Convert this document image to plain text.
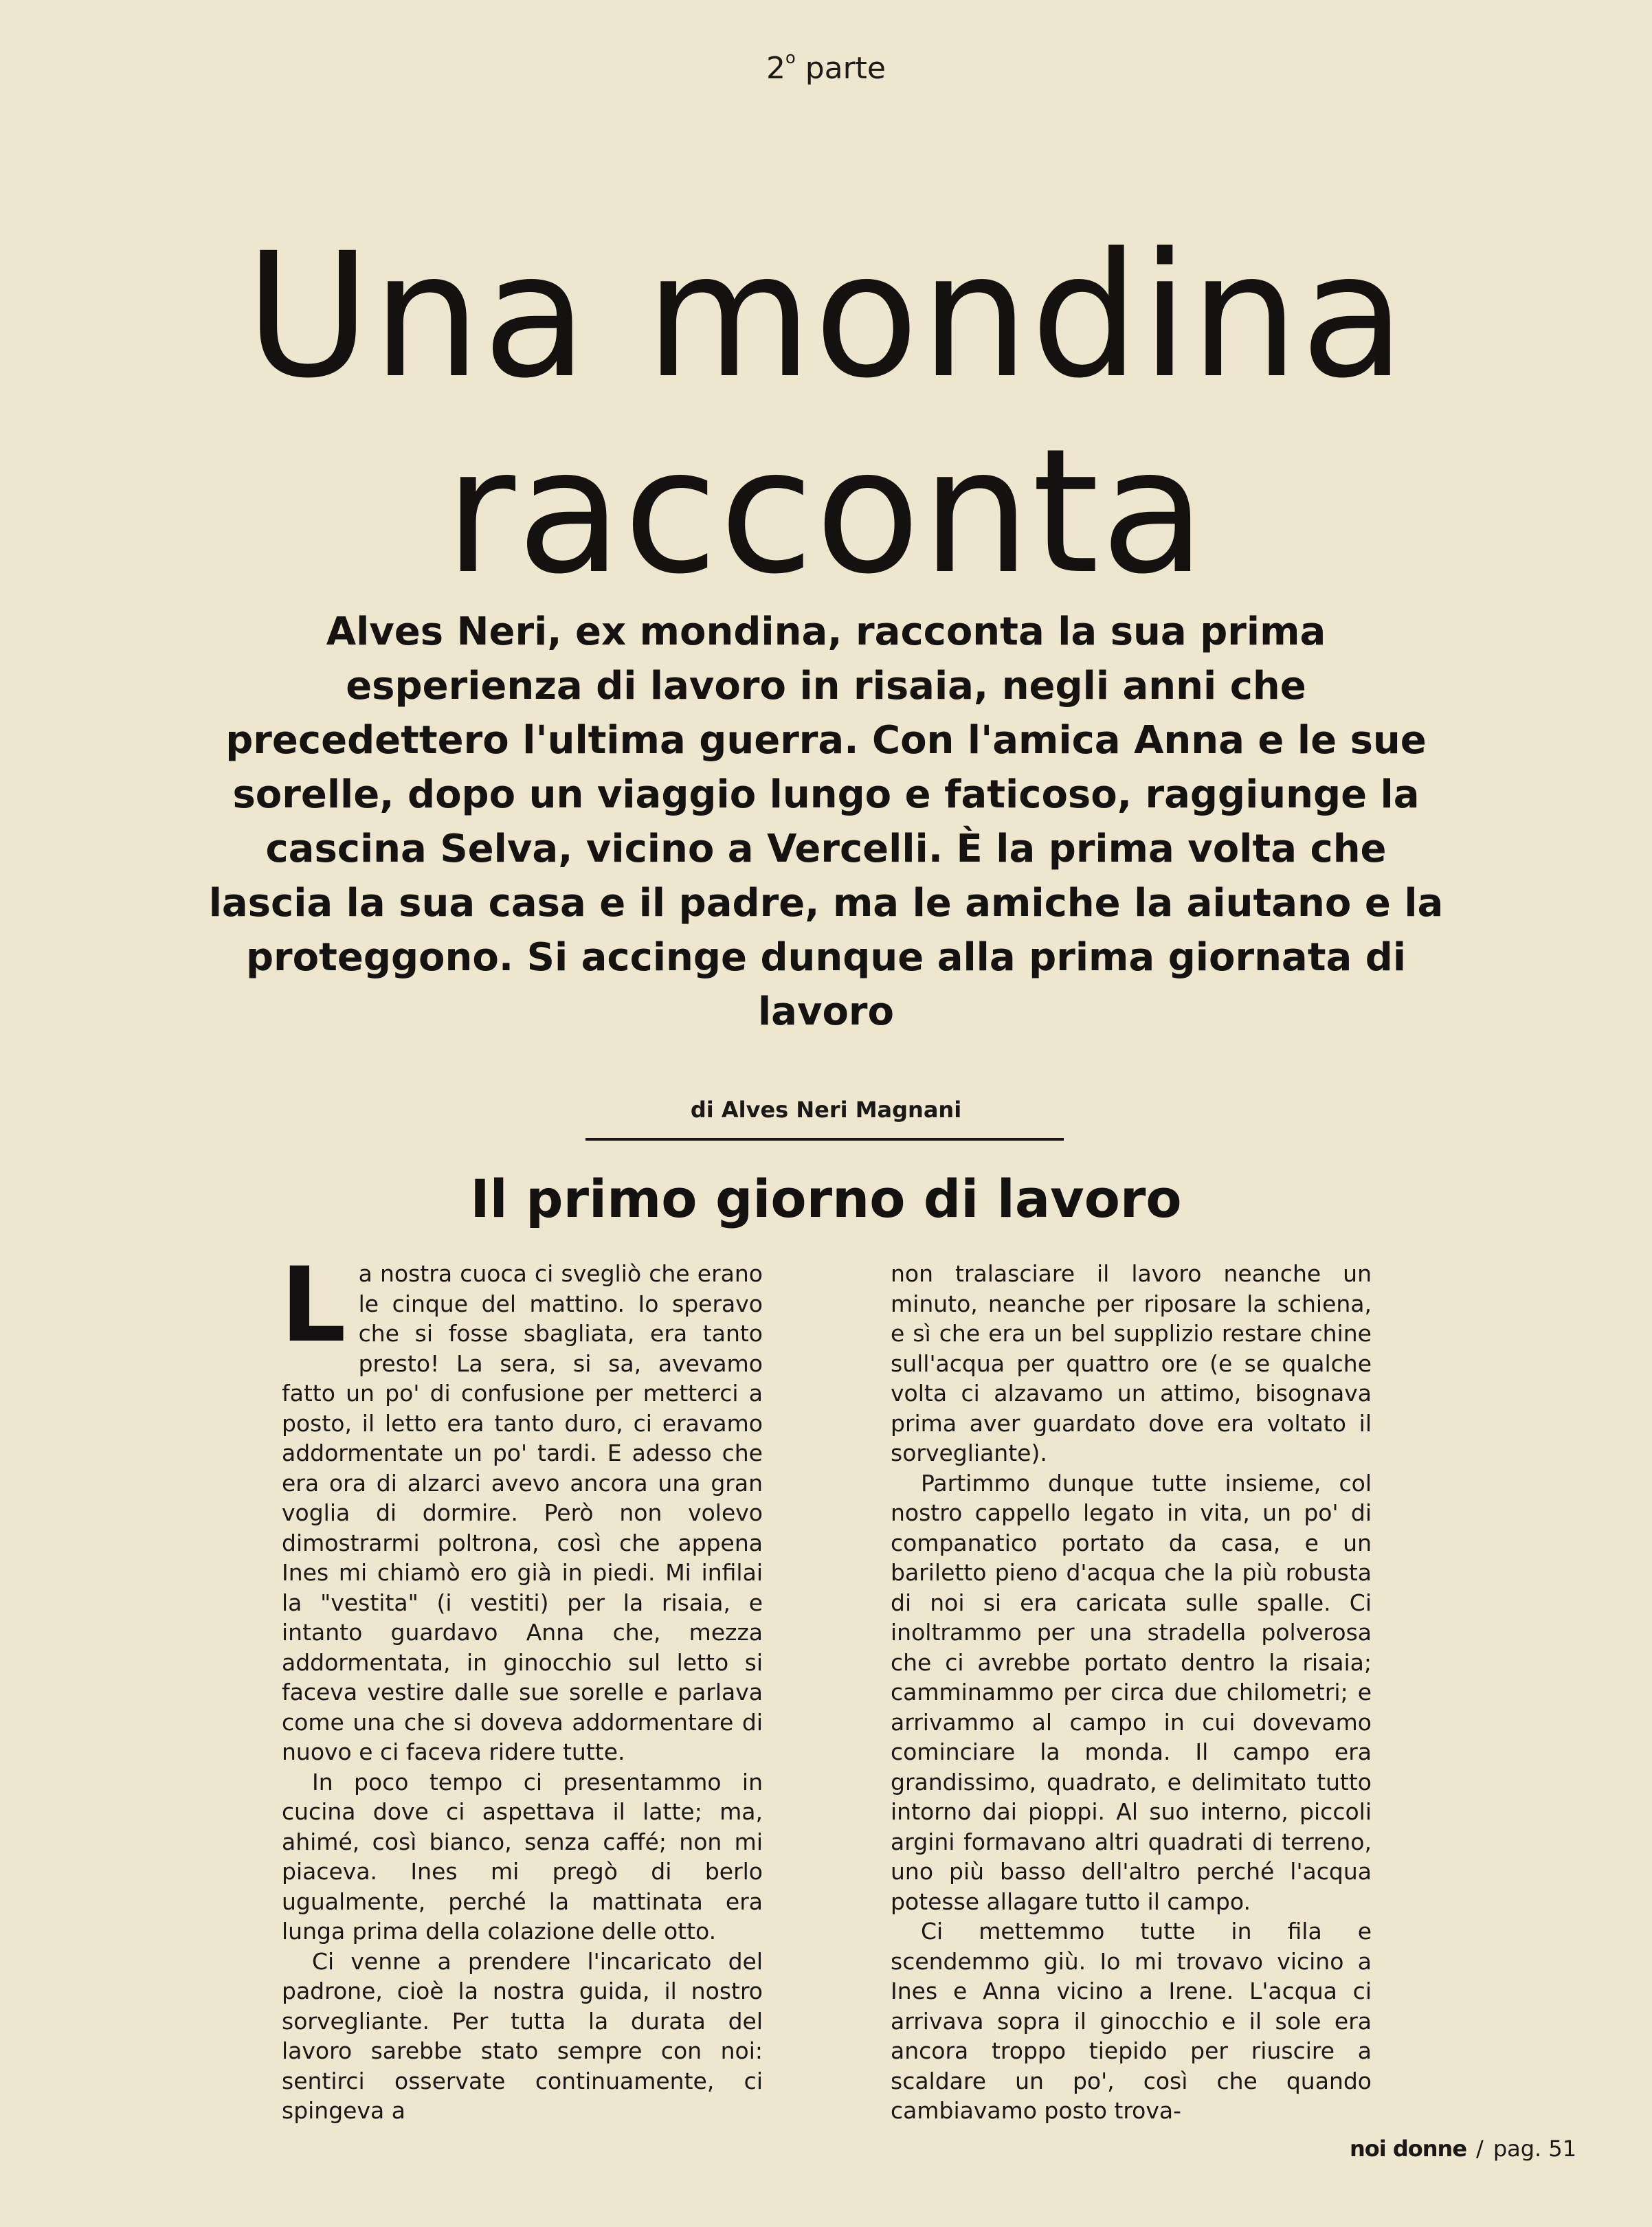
2$^o$ parte
Una mondina
racconta

Alves Neri, ex mondina, racconta la sua prima esperienza di lavoro in risaia, negli anni che precedettero l'ultima guerra. Con l'amica Anna e le sue sorelle, dopo un viaggio lungo e faticoso, raggiunge la cascina Selva, vicino a Vercelli. È la prima volta che lascia la sua casa e il padre, ma le amiche la aiutano e la proteggono. Si accinge dunque alla prima giornata di lavoro

di Alves Neri Magnani
Il primo giorno di lavoro

La nostra cuoca ci svegliò che erano le cinque del mattino. Io speravo che si fosse sbagliata, era tanto presto! La sera, si sa, avevamo fatto un po' di confusione per metterci a posto, il letto era tanto duro, ci eravamo addormentate un po' tardi. E adesso che era ora di alzarci avevo ancora una gran voglia di dormire. Però non volevo dimostrarmi poltrona, così che appena Ines mi chiamò ero già in piedi. Mi infilai la "vestita" (i vestiti) per la risaia, e intanto guardavo Anna che, mezza addormentata, in ginocchio sul letto si faceva vestire dalle sue sorelle e parlava come una che si doveva addormentare di nuovo e ci faceva ridere tutte.

In poco tempo ci presentammo in cucina dove ci aspettava il latte; ma, ahimé, così bianco, senza caffé; non mi piaceva. Ines mi pregò di berlo ugualmente, perché la mattinata era lunga prima della colazione delle otto.

Ci venne a prendere l'incaricato del padrone, cioè la nostra guida, il nostro sorvegliante. Per tutta la durata del lavoro sarebbe stato sempre con noi: sentirci osservate continuamente, ci spingeva a

non tralasciare il lavoro neanche un minuto, neanche per riposare la schiena, e sì che era un bel supplizio restare chine sull'acqua per quattro ore (e se qualche volta ci alzavamo un attimo, bisognava prima aver guardato dove era voltato il sorvegliante).

Partimmo dunque tutte insieme, col nostro cappello legato in vita, un po' di companatico portato da casa, e un bariletto pieno d'acqua che la più robusta di noi si era caricata sulle spalle. Ci inoltrammo per una stradella polverosa che ci avrebbe portato dentro la risaia; camminammo per circa due chilometri; e arrivammo al campo in cui dovevamo cominciare la monda. Il campo era grandissimo, quadrato, e delimitato tutto intorno dai pioppi. Al suo interno, piccoli argini formavano altri quadrati di terreno, uno più basso dell'altro perché l'acqua potesse allagare tutto il campo.

Ci mettemmo tutte in fila e scendemmo giù. Io mi trovavo vicino a Ines e Anna vicino a Irene. L'acqua ci arrivava sopra il ginocchio e il sole era ancora troppo tiepido per riuscire a scaldare un po', così che quando cambiavamo posto trova-

noi donne / pag. 51
